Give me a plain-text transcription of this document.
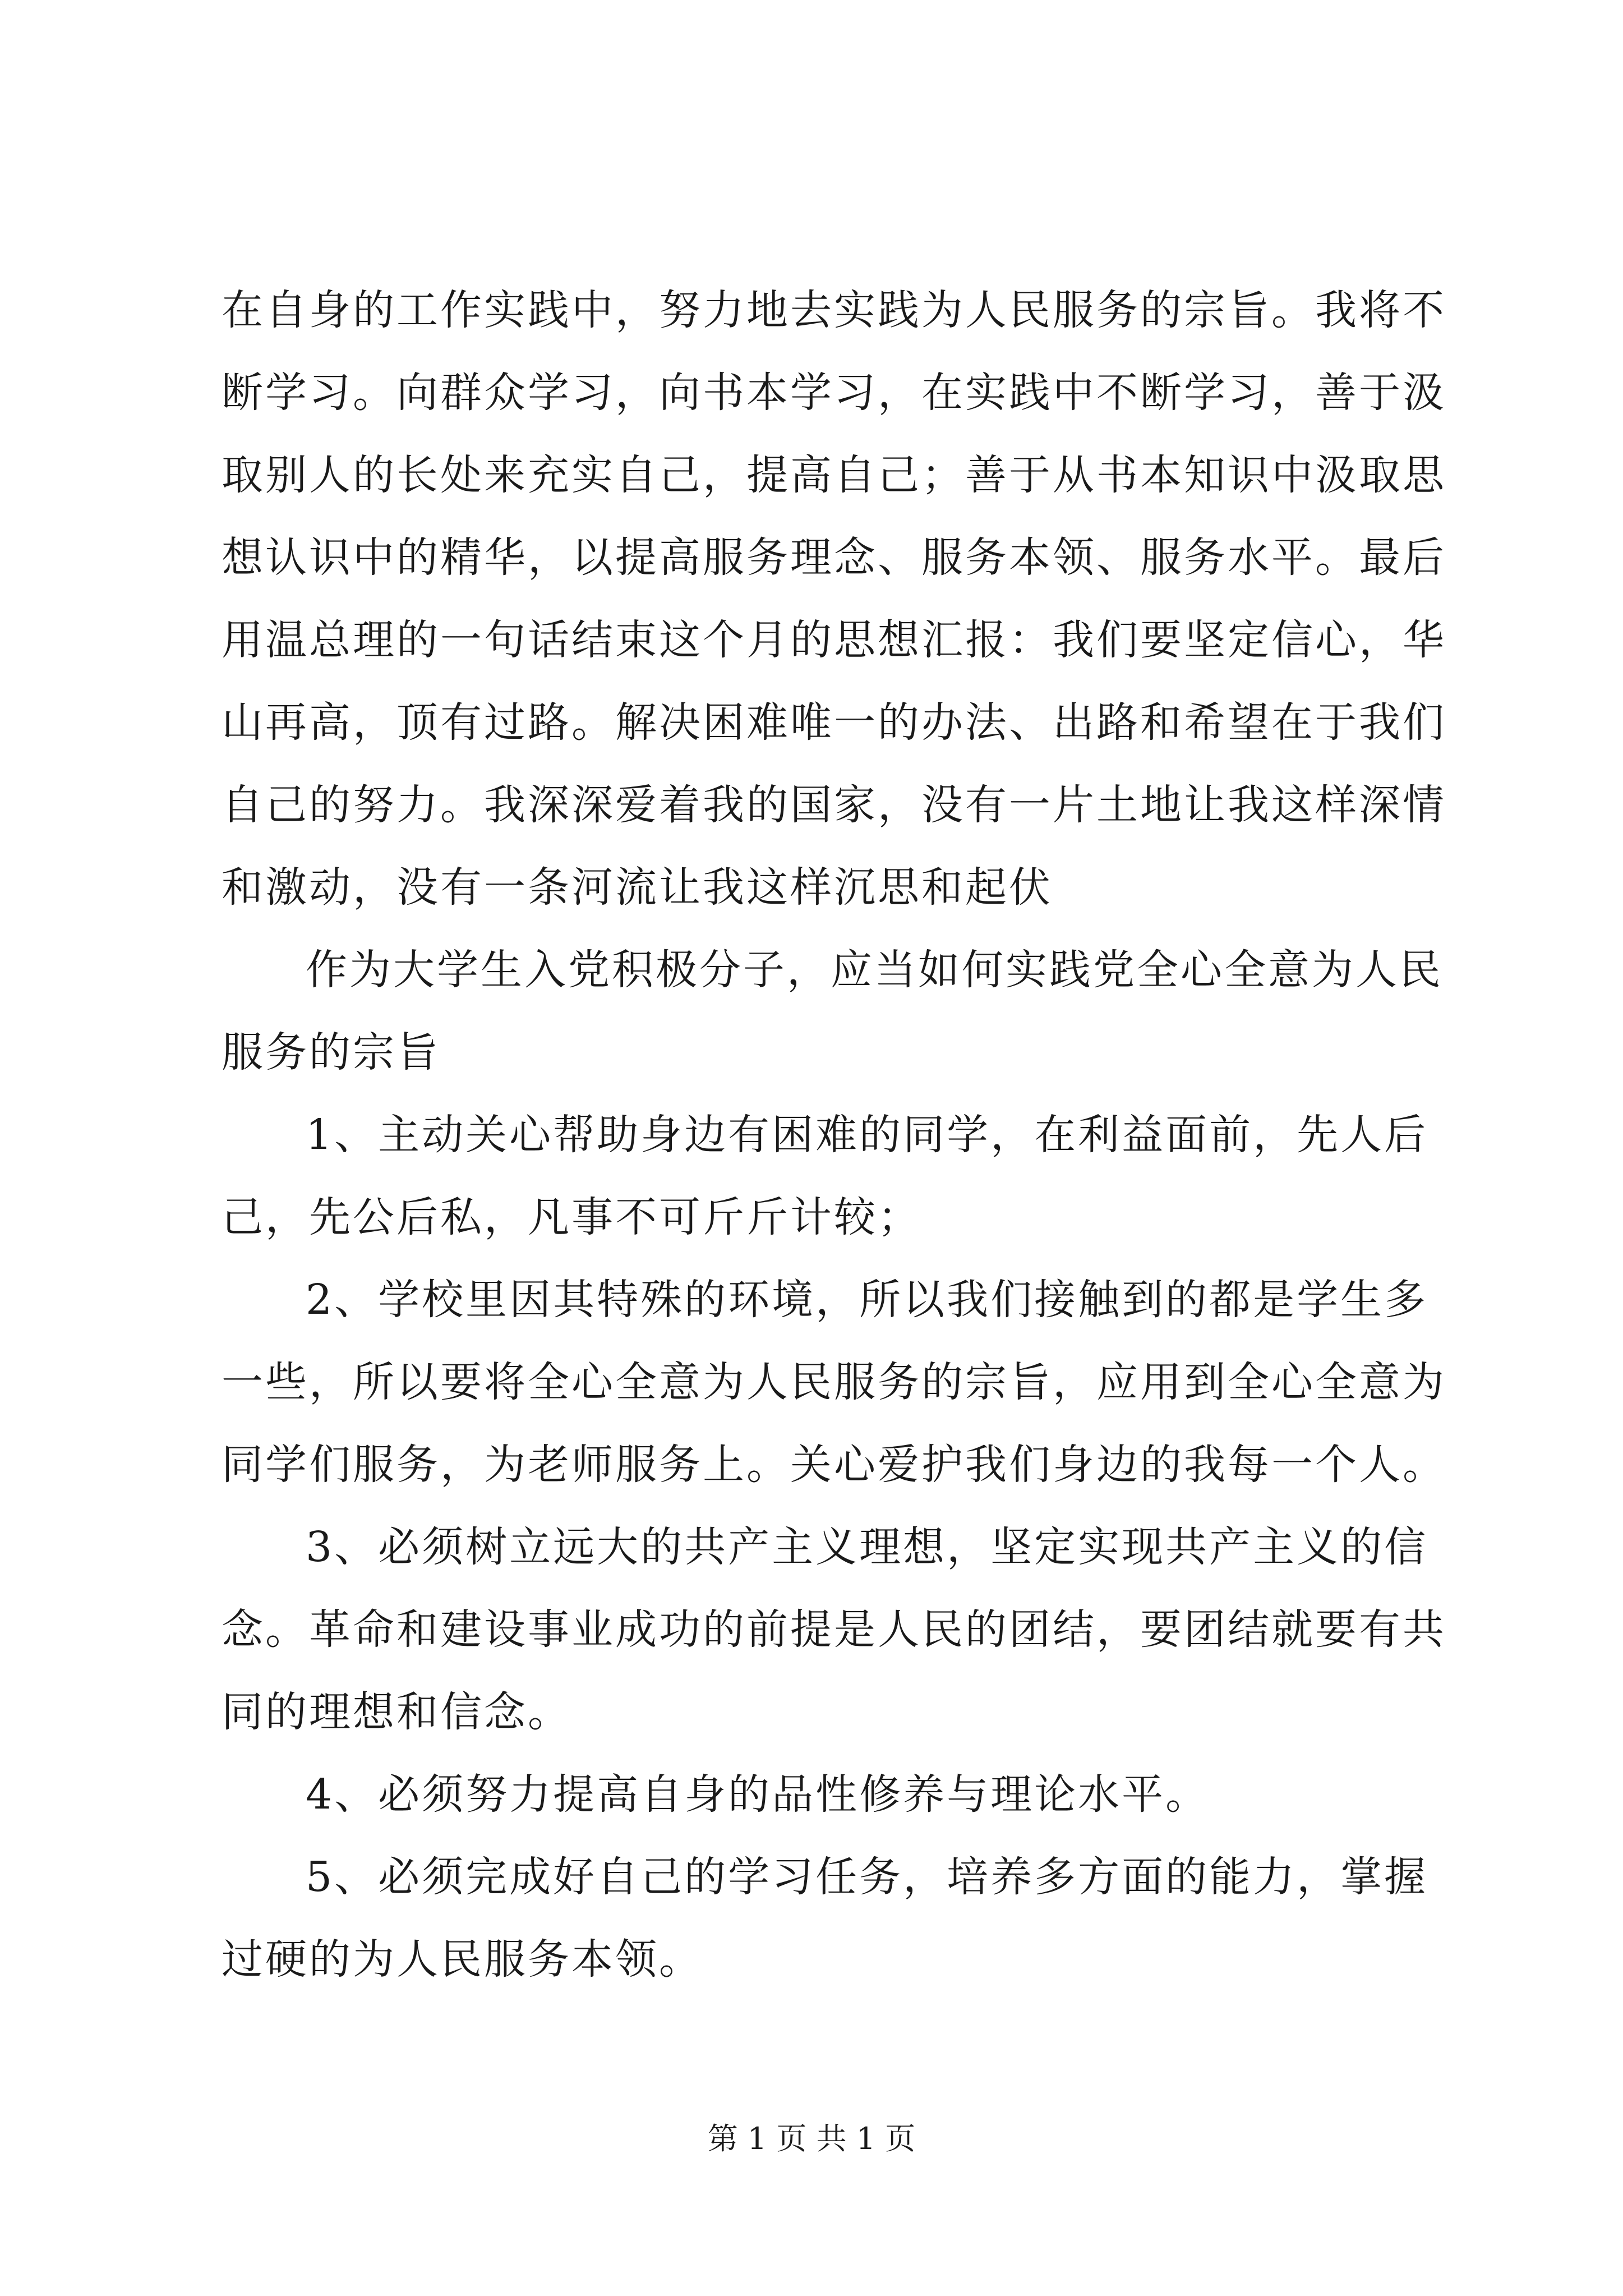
在自身的工作实践中，努力地去实践为人民服务的宗旨。我将不
断学习。向群众学习，向书本学习，在实践中不断学习，善于汲
取别人的长处来充实自己，提高自己；善于从书本知识中汲取思
想认识中的精华，以提高服务理念、服务本领、服务水平。最后
用温总理的一句话结束这个月的思想汇报：我们要坚定信心，华
山再高，顶有过路。解决困难唯一的办法、出路和希望在于我们
自己的努力。我深深爱着我的国家，没有一片土地让我这样深情
和激动，没有一条河流让我这样沉思和起伏
作为大学生入党积极分子，应当如何实践党全心全意为人民
服务的宗旨
1、主动关心帮助身边有困难的同学，在利益面前，先人后
己，先公后私，凡事不可斤斤计较；
2、学校里因其特殊的环境，所以我们接触到的都是学生多
一些，所以要将全心全意为人民服务的宗旨，应用到全心全意为
同学们服务，为老师服务上。关心爱护我们身边的我每一个人。
3、必须树立远大的共产主义理想，坚定实现共产主义的信
念。革命和建设事业成功的前提是人民的团结，要团结就要有共
同的理想和信念。
4、必须努力提高自身的品性修养与理论水平。
5、必须完成好自己的学习任务，培养多方面的能力，掌握
过硬的为人民服务本领。
第 1 页 共 1 页
